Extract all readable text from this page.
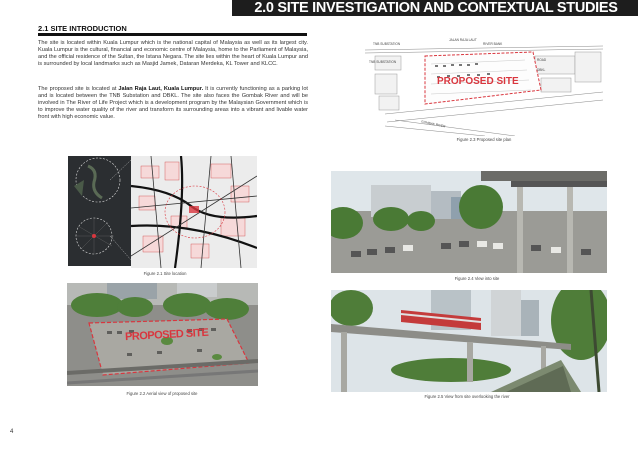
2.0 SITE INVESTIGATION AND CONTEXTUAL STUDIES
2.1 SITE INTRODUCTION
The site is located within Kuala Lumpur which is the national capital of Malaysia as well as its largest city. Kuala Lumpur is the cultural, financial and economic centre of Malaysia, home to the Parliament of Malaysia, and the official residence of the Sultan, the Istana Negara. The site lies within the heart of Kuala Lumpur and is surrounded by local landmarks such as Masjid Jamek, Dataran Merdeka, KL Tower and KLCC.
The proposed site is located at Jalan Raja Laut, Kuala Lumpur. It is currently functioning as a parking lot and is located between the TNB Substation and DBKL. The site also faces the Gombak River and will be involved in The River of Life Project which is a development program by the Malaysian Government which is to improve the water quality of the river and transform its surrounding areas into a vibrant and livable water front with high economic value.
PROPOSED SITE
JALAN RAJA LAUT
TNB SUBSTATION
TNB SUBSTATION
RIVER BANK
DBKL
ROAD
GOMBAK RIVER
Figure 2.3 Proposed site plan
Figure 2.1 Site location
PROPOSED SITE
Figure 2.2 Aerial view of proposed site
Figure 2.4 View into site
Figure 2.5 View from site overlooking the river
4
